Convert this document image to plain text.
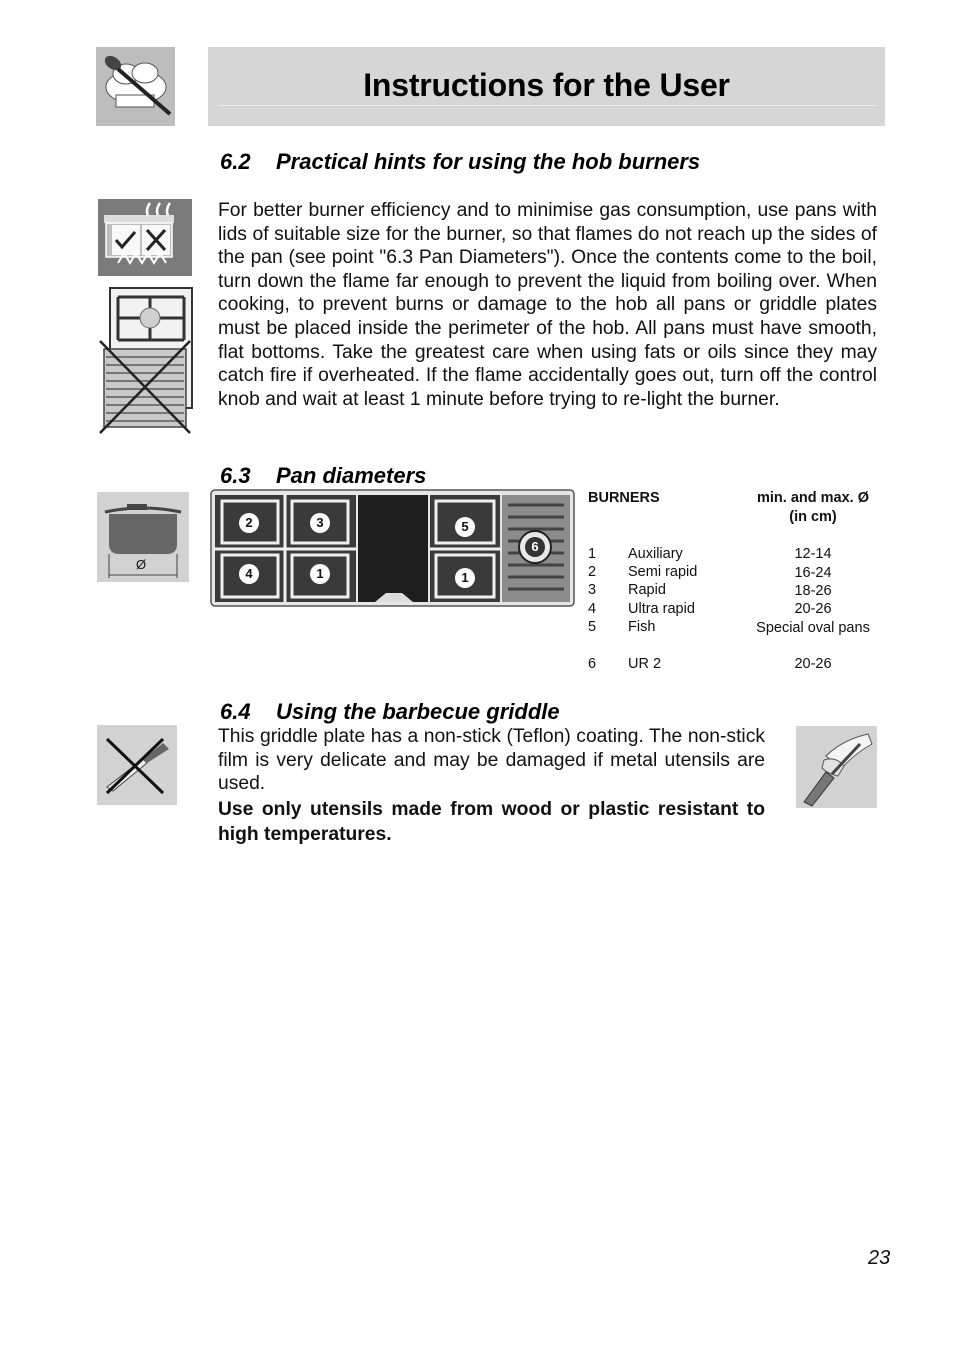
Instructions for the User
6.2 Practical hints for using the hob burners
For better burner efficiency and to minimise gas consumption, use pans with lids of suitable size for the burner, so that flames do not reach up the sides of the pan (see point "6.3 Pan Diameters"). Once the contents come to the boil, turn down the flame far enough to prevent the liquid from boiling over. When cooking, to prevent burns or damage to the hob all pans or griddle plates must be placed inside the perimeter of the hob. All pans must have smooth, flat bottoms. Take the greatest care when using fats or oils since they may catch fire if overheated. If the flame accidentally goes out, turn off the control knob and wait at least 1 minute before trying to re-light the burner.
6.3 Pan diameters
Ø
2	3
4	1
5
1
6
BURNERS	min. and max. Ø
(in cm)
1 Auxiliary	12-14
2 Semi rapid	16-24
3 Rapid	18-26
4 Ultra rapid	20-26
5 Fish	Special oval pans
6 UR 2	20-26
6.4 Using the barbecue griddle
This griddle plate has a non-stick (Teflon) coating. The non-stick film is very delicate and may be damaged if metal utensils are used.
Use only utensils made from wood or plastic resistant to high temperatures.
23
